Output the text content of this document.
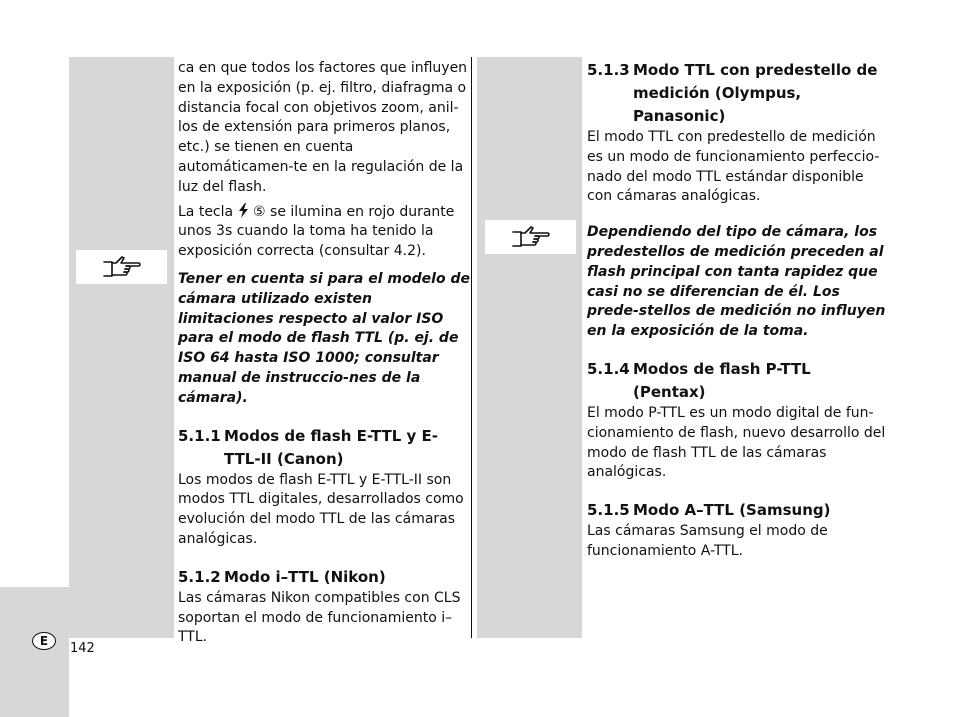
ca en que todos los factores que influyen en la exposición (p. ej. filtro, diafragma o distancia focal con objetivos zoom, anil-los de extensión para primeros planos, etc.) se tienen en cuenta automáticamen-te en la regulación de la luz del flash.

La tecla ⑤ se ilumina en rojo durante unos 3s cuando la toma ha tenido la exposición correcta (consultar 4.2).

Tener en cuenta si para el modelo de cámara utilizado existen limitaciones respecto al valor ISO para el modo de flash TTL (p. ej. de ISO 64 hasta ISO 1000; consultar manual de instruccio-nes de la cámara).

5.1.1 Modos de flash E-TTL y E-TTL-II (Canon)

Los modos de flash E-TTL y E-TTL-II son modos TTL digitales, desarrollados como evolución del modo TTL de las cámaras analógicas.

5.1.2 Modo i–TTL (Nikon)

Las cámaras Nikon compatibles con CLS soportan el modo de funcionamiento i–TTL.

5.1.3 Modo TTL con predestello de medición (Olympus, Panasonic)

El modo TTL con predestello de medición es un modo de funcionamiento perfeccio-nado del modo TTL estándar disponible con cámaras analógicas.

Dependiendo del tipo de cámara, los predestellos de medición preceden al flash principal con tanta rapidez que casi no se diferencian de él. Los prede-stellos de medición no influyen en la exposición de la toma.

5.1.4 Modos de flash P-TTL (Pentax)

El modo P-TTL es un modo digital de fun-cionamiento de flash, nuevo desarrollo del modo de flash TTL de las cámaras analógicas.

5.1.5 Modo A–TTL (Samsung)

Las cámaras Samsung el modo de funcionamiento A-TTL.

E	142
